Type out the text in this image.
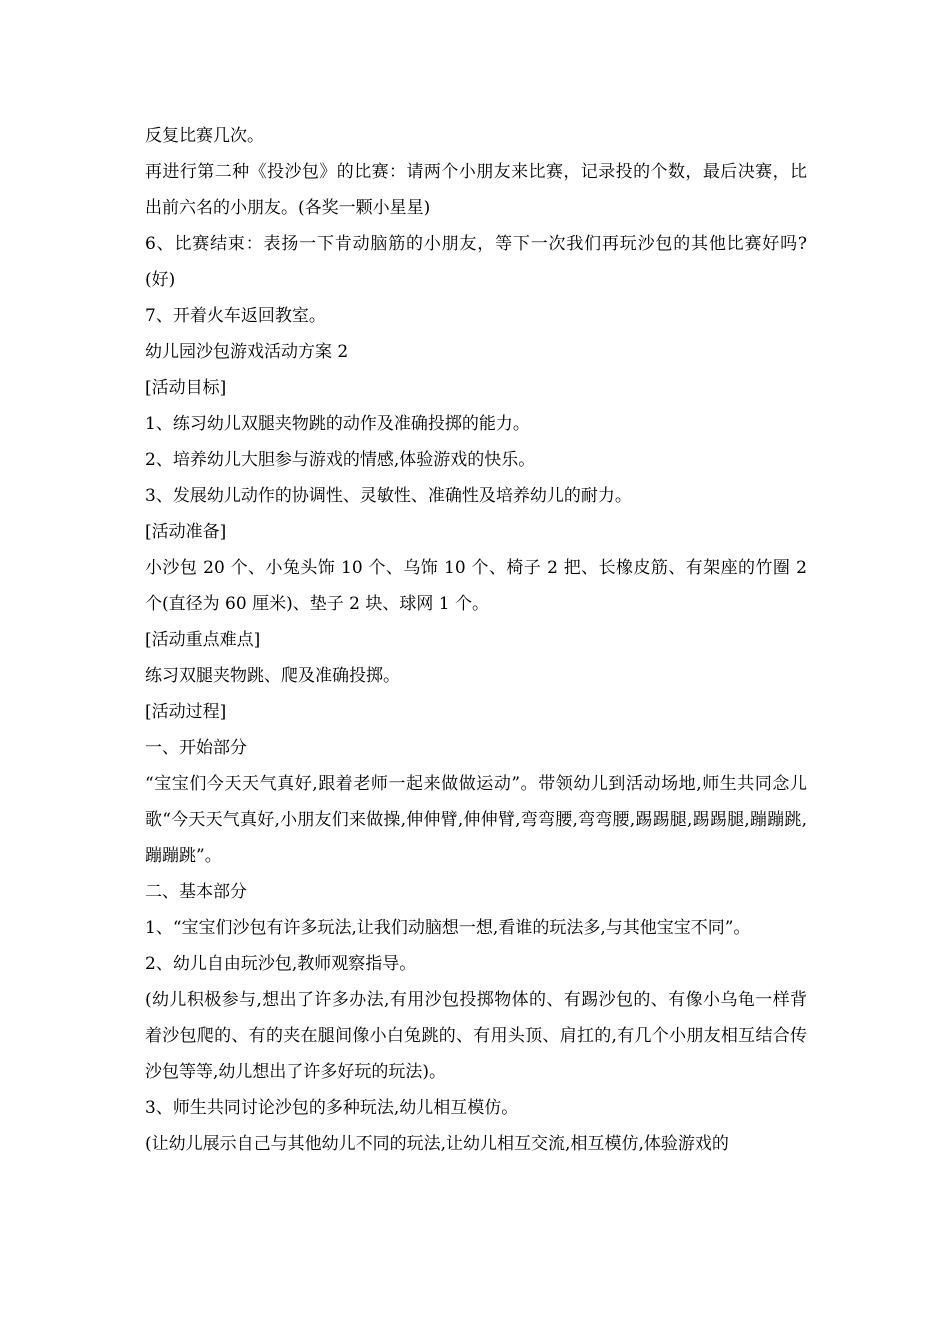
反复比赛几次。

再进行第二种《投沙包》的比赛：请两个小朋友来比赛，记录投的个数，最后决赛，比出前六名的小朋友。(各奖一颗小星星)

6、比赛结束：表扬一下肯动脑筋的小朋友，等下一次我们再玩沙包的其他比赛好吗?(好)

7、开着火车返回教室。

幼儿园沙包游戏活动方案 2

[活动目标]

1、练习幼儿双腿夹物跳的动作及准确投掷的能力。

2、培养幼儿大胆参与游戏的情感,体验游戏的快乐。

3、发展幼儿动作的协调性、灵敏性、准确性及培养幼儿的耐力。

[活动准备]

小沙包 20 个、小兔头饰 10 个、乌饰 10 个、椅子 2 把、长橡皮筋、有架座的竹圈 2 个(直径为 60 厘米)、垫子 2 块、球网 1 个。

[活动重点难点]

练习双腿夹物跳、爬及准确投掷。

[活动过程]

一、开始部分

“宝宝们今天天气真好,跟着老师一起来做做运动”。带领幼儿到活动场地,师生共同念儿歌“今天天气真好,小朋友们来做操,伸伸臂,伸伸臂,弯弯腰,弯弯腰,踢踢腿,踢踢腿,蹦蹦跳,蹦蹦跳”。

二、基本部分

1、“宝宝们沙包有许多玩法,让我们动脑想一想,看谁的玩法多,与其他宝宝不同”。

2、幼儿自由玩沙包,教师观察指导。

(幼儿积极参与,想出了许多办法,有用沙包投掷物体的、有踢沙包的、有像小乌龟一样背着沙包爬的、有的夹在腿间像小白兔跳的、有用头顶、肩扛的,有几个小朋友相互结合传沙包等等,幼儿想出了许多好玩的玩法)。

3、师生共同讨论沙包的多种玩法,幼儿相互模仿。

(让幼儿展示自己与其他幼儿不同的玩法,让幼儿相互交流,相互模仿,体验游戏的
